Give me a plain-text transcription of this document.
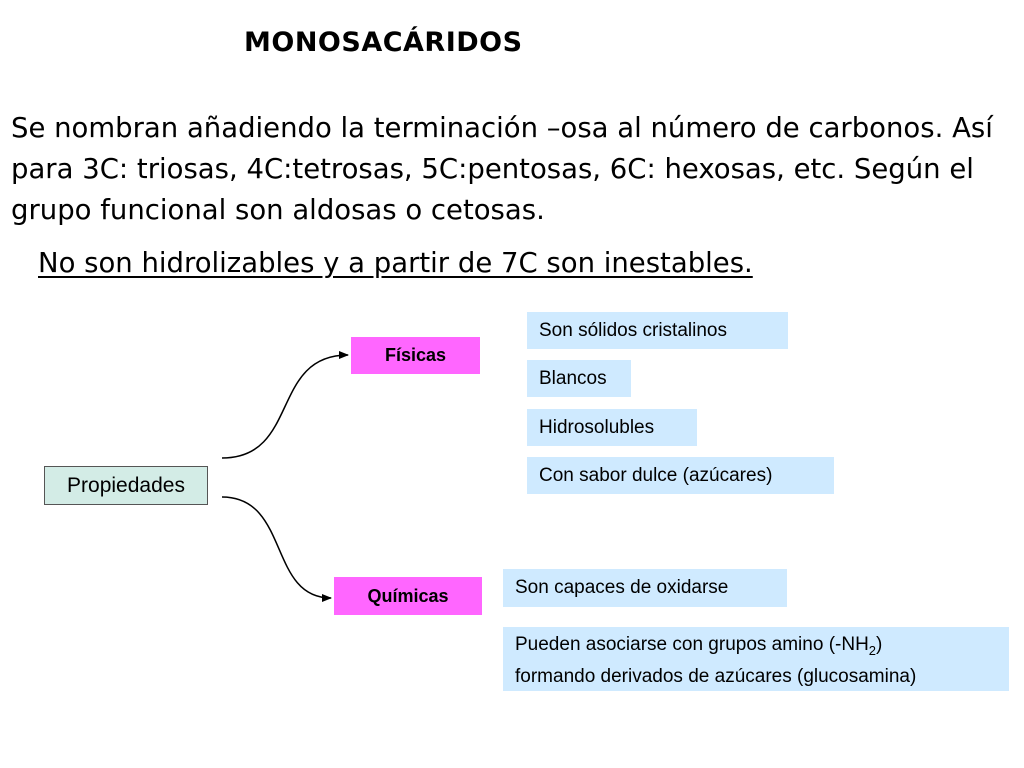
MONOSACÁRIDOS
Se nombran añadiendo la terminación –osa al número de carbonos. Así para 3C: triosas, 4C:tetrosas, 5C:pentosas, 6C: hexosas, etc. Según el grupo funcional son aldosas o cetosas.
No son hidrolizables y a partir de 7C son inestables.
Propiedades
Físicas
Químicas
Son sólidos cristalinos
Blancos
Hidrosolubles
Con sabor dulce (azúcares)
Son capaces de oxidarse
Pueden asociarse con grupos amino $(-NH_2)$
formando derivados de azúcares (glucosamina)
